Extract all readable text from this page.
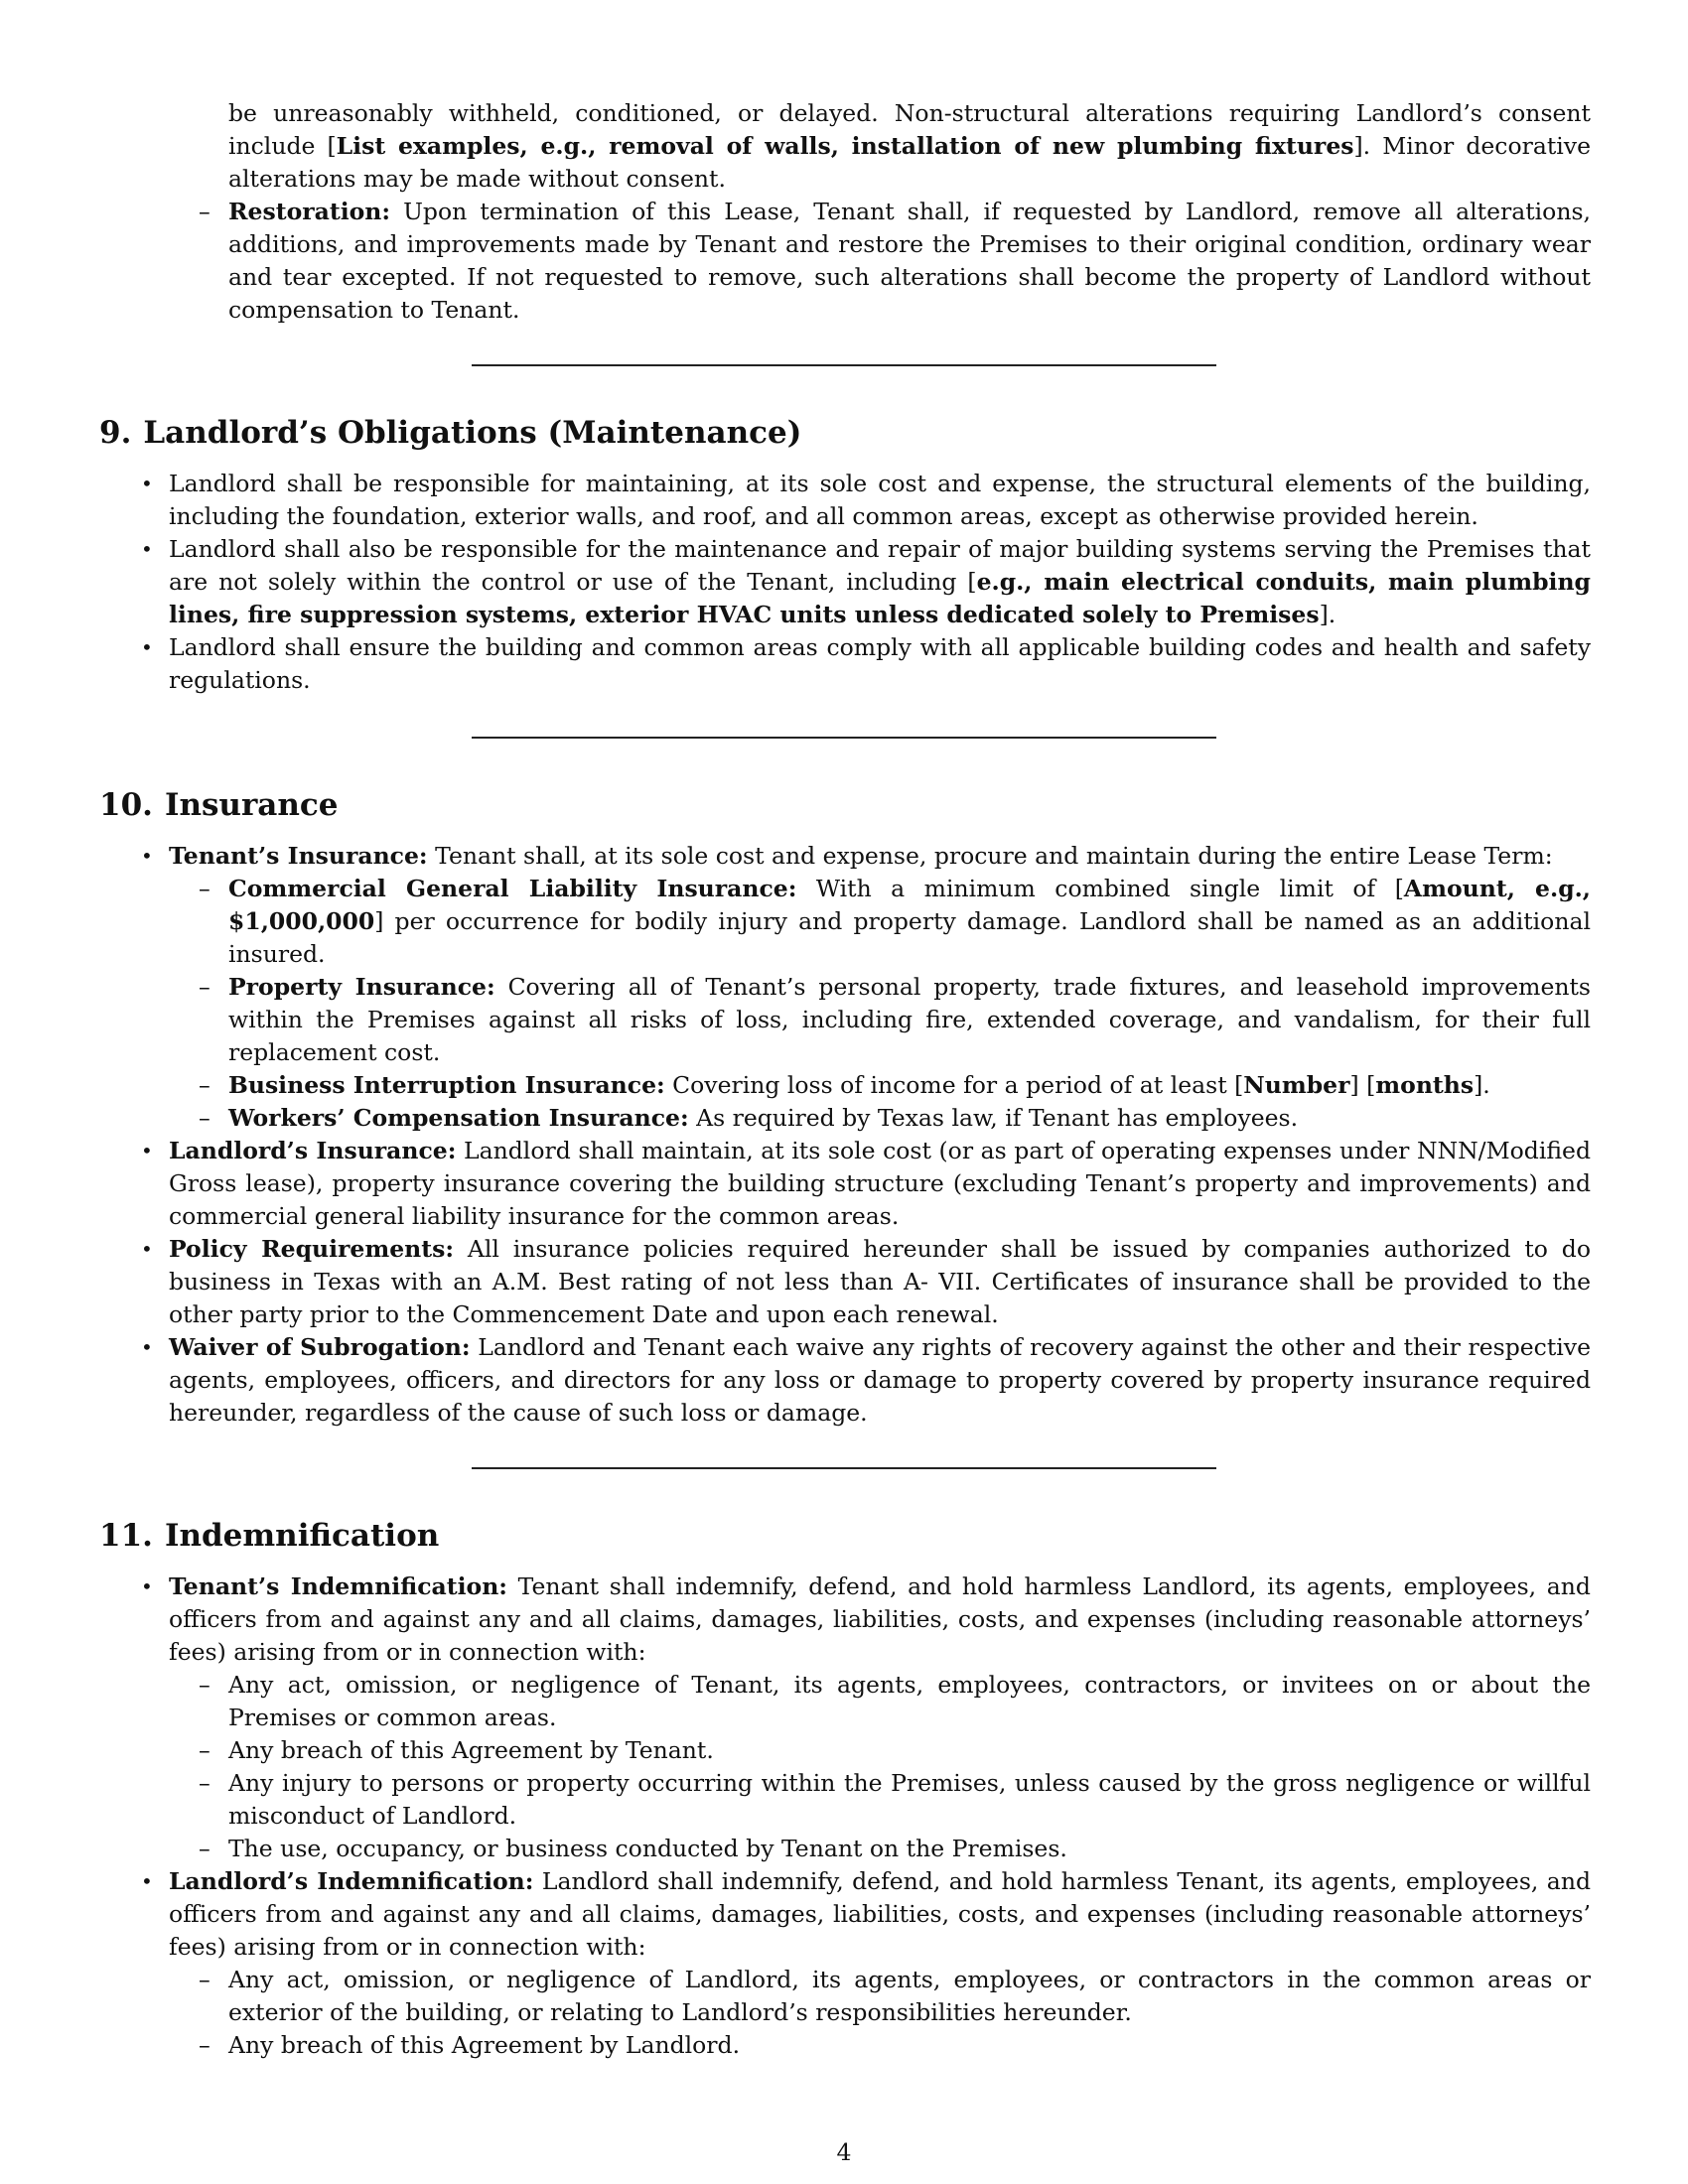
be unreasonably withheld, conditioned, or delayed. Non-structural alterations requiring Landlord’s consent include [List examples, e.g., removal of walls, installation of new plumbing fixtures]. Minor decorative alterations may be made without consent.

– Restoration: Upon termination of this Lease, Tenant shall, if requested by Landlord, remove all alterations, additions, and improvements made by Tenant and restore the Premises to their original condition, ordinary wear and tear excepted. If not requested to remove, such alterations shall become the property of Landlord without compensation to Tenant.

9. Landlord’s Obligations (Maintenance)

• Landlord shall be responsible for maintaining, at its sole cost and expense, the structural elements of the building, including the foundation, exterior walls, and roof, and all common areas, except as otherwise provided herein.

• Landlord shall also be responsible for the maintenance and repair of major building systems serving the Premises that are not solely within the control or use of the Tenant, including [e.g., main electrical conduits, main plumbing lines, fire suppression systems, exterior HVAC units unless dedicated solely to Premises].

• Landlord shall ensure the building and common areas comply with all applicable building codes and health and safety regulations.

10. Insurance

• Tenant’s Insurance: Tenant shall, at its sole cost and expense, procure and maintain during the entire Lease Term:

– Commercial General Liability Insurance: With a minimum combined single limit of [Amount, e.g., $1,000,000] per occurrence for bodily injury and property damage. Landlord shall be named as an additional insured.

– Property Insurance: Covering all of Tenant’s personal property, trade fixtures, and leasehold improvements within the Premises against all risks of loss, including fire, extended coverage, and vandalism, for their full replacement cost.

– Business Interruption Insurance: Covering loss of income for a period of at least [Number] [months].

– Workers’ Compensation Insurance: As required by Texas law, if Tenant has employees.

• Landlord’s Insurance: Landlord shall maintain, at its sole cost (or as part of operating expenses under NNN/Modified Gross lease), property insurance covering the building structure (excluding Tenant’s property and improvements) and commercial general liability insurance for the common areas.

• Policy Requirements: All insurance policies required hereunder shall be issued by companies authorized to do business in Texas with an A.M. Best rating of not less than A- VII. Certificates of insurance shall be provided to the other party prior to the Commencement Date and upon each renewal.

• Waiver of Subrogation: Landlord and Tenant each waive any rights of recovery against the other and their respective agents, employees, officers, and directors for any loss or damage to property covered by property insurance required hereunder, regardless of the cause of such loss or damage.

11. Indemnification

• Tenant’s Indemnification: Tenant shall indemnify, defend, and hold harmless Landlord, its agents, employees, and officers from and against any and all claims, damages, liabilities, costs, and expenses (including reasonable attorneys’ fees) arising from or in connection with:

– Any act, omission, or negligence of Tenant, its agents, employees, contractors, or invitees on or about the Premises or common areas.

– Any breach of this Agreement by Tenant.

– Any injury to persons or property occurring within the Premises, unless caused by the gross negligence or willful misconduct of Landlord.

– The use, occupancy, or business conducted by Tenant on the Premises.

• Landlord’s Indemnification: Landlord shall indemnify, defend, and hold harmless Tenant, its agents, employees, and officers from and against any and all claims, damages, liabilities, costs, and expenses (including reasonable attorneys’ fees) arising from or in connection with:

– Any act, omission, or negligence of Landlord, its agents, employees, or contractors in the common areas or exterior of the building, or relating to Landlord’s responsibilities hereunder.

– Any breach of this Agreement by Landlord.

4
